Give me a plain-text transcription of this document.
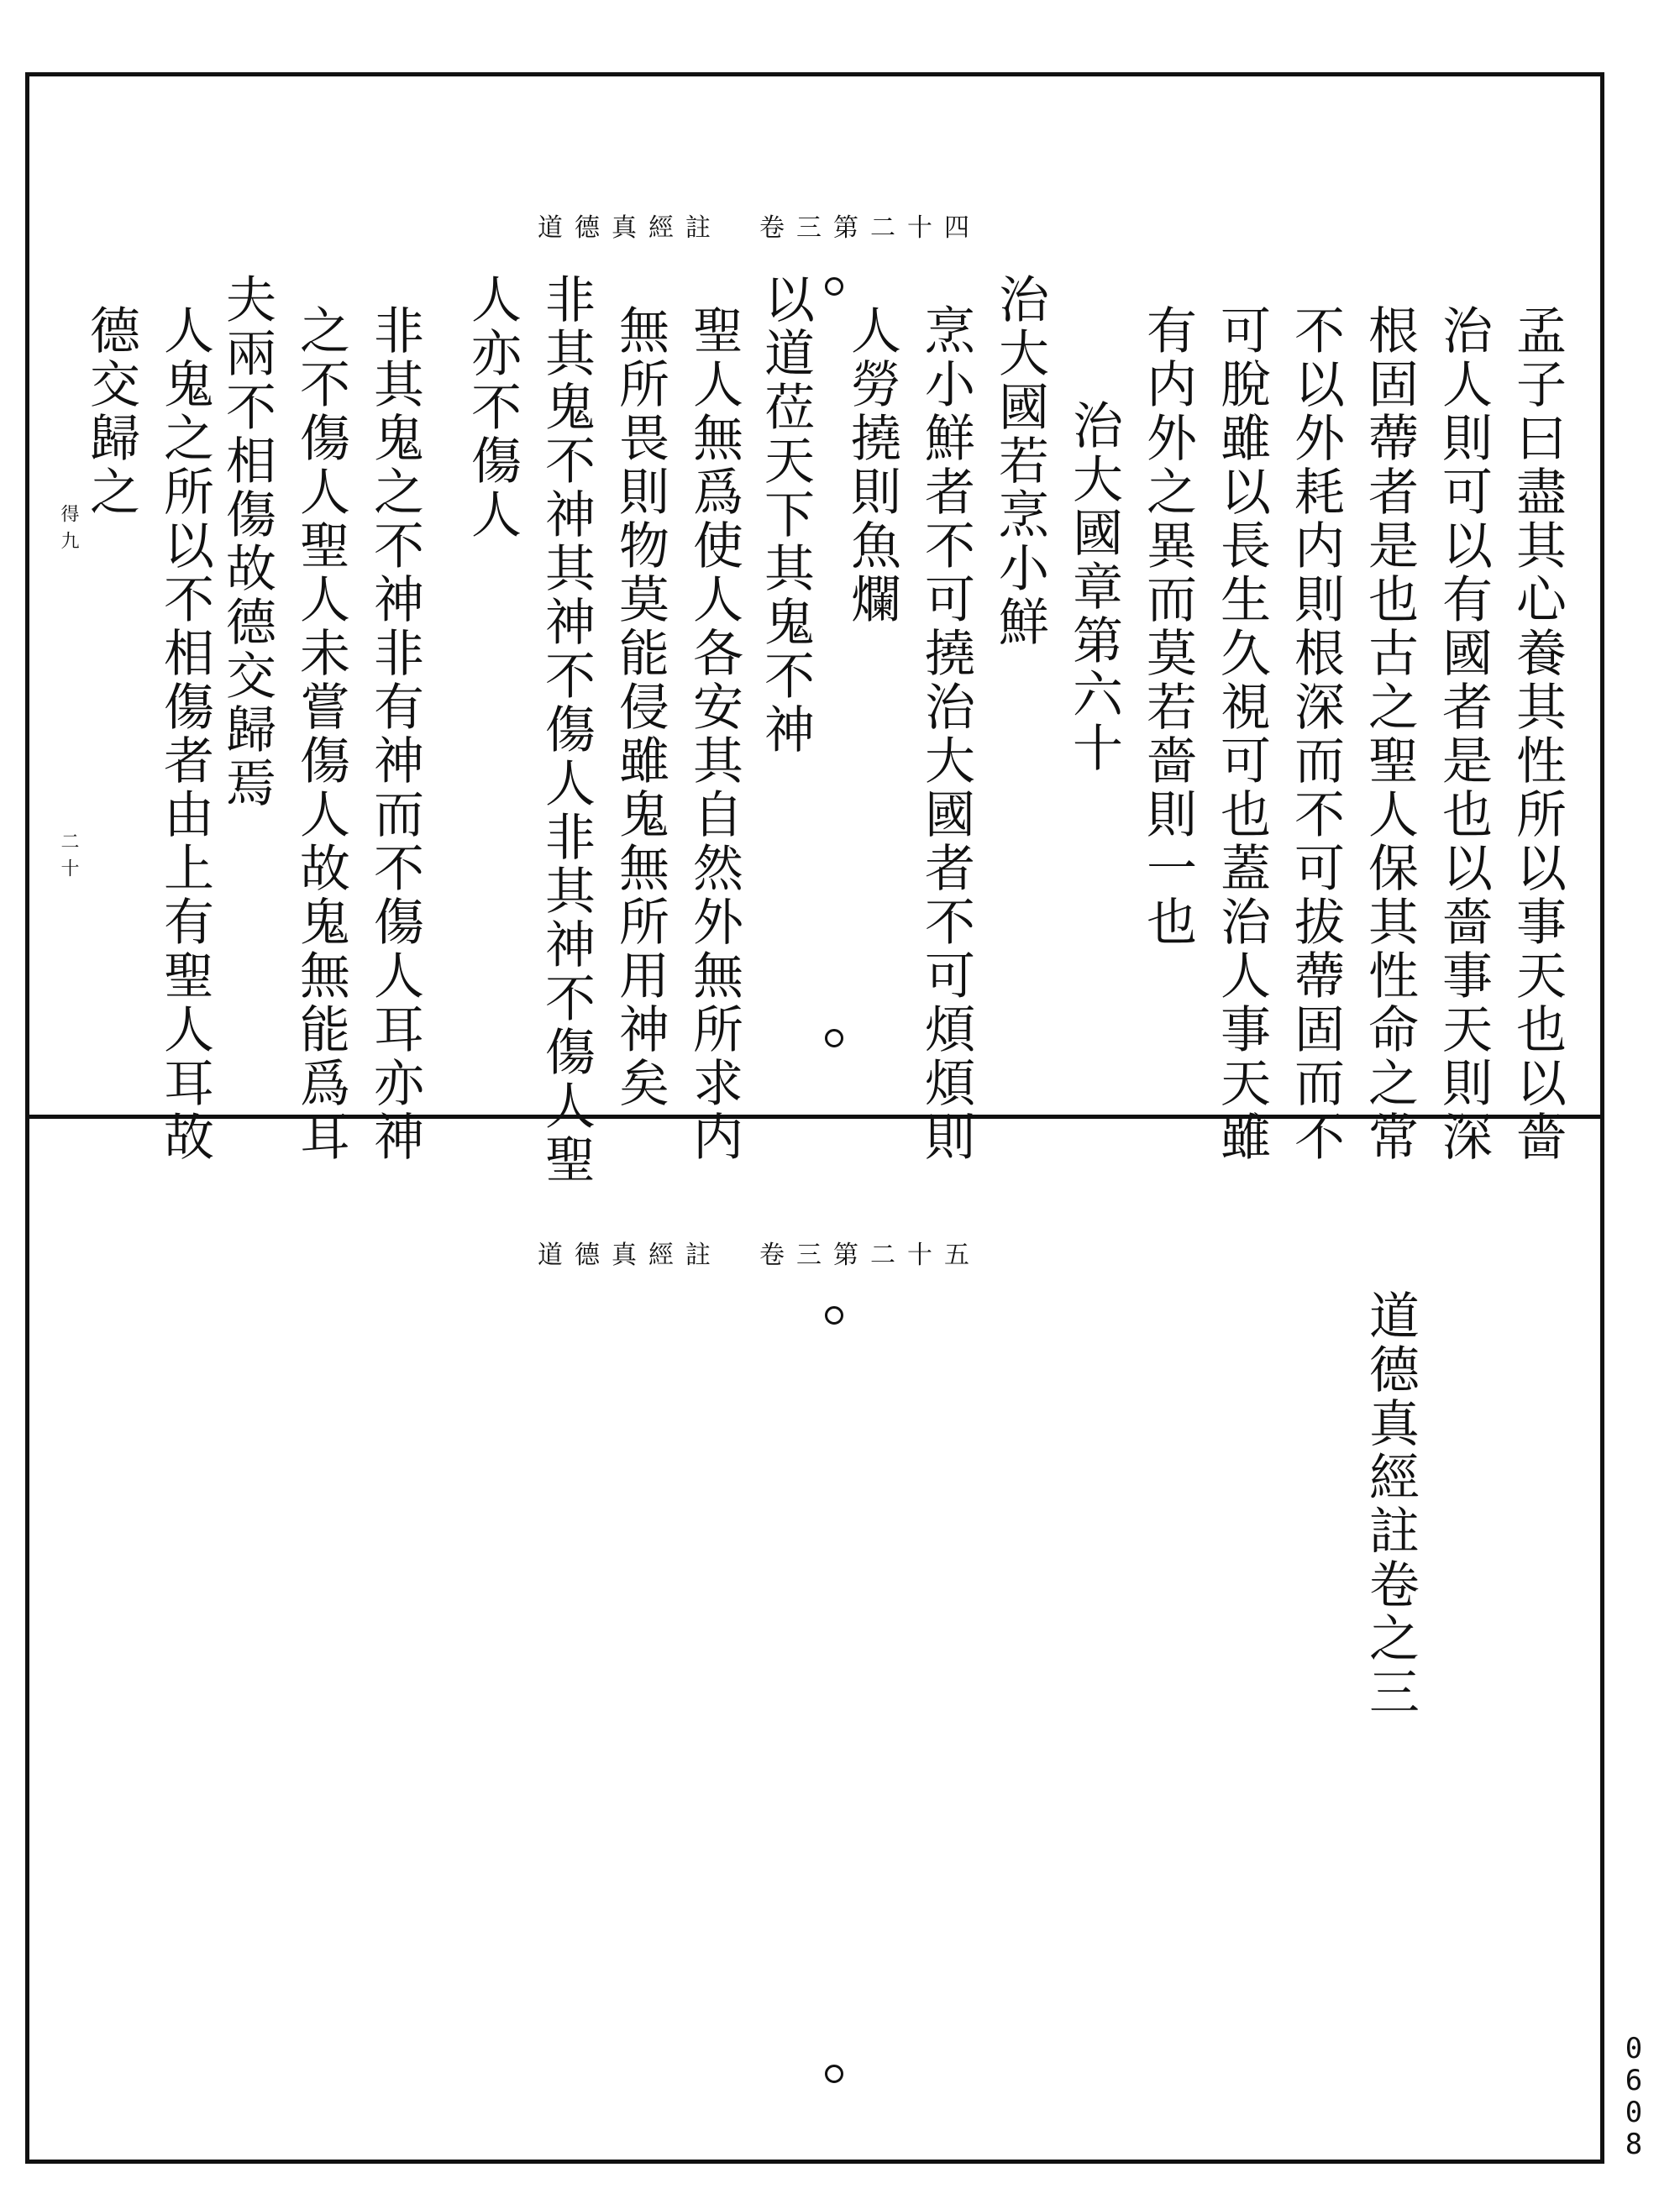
道德真經註　卷三第二十四
孟子曰盡其心養其性所以事天也以嗇
治人則可以有國者是也以嗇事天則深
根固蔕者是也古之聖人保其性命之常
不以外耗内則根深而不可拔蔕固而不
可脫雖以長生久視可也蓋治人事天雖
有内外之異而莫若嗇則一也
治大國章第六十
治大國若烹小鮮
烹小鮮者不可撓治大國者不可煩煩則
人勞撓則魚爛
以道莅天下其鬼不神
聖人無爲使人各安其自然外無所求内
無所畏則物莫能侵雖鬼無所用神矣
非其鬼不神其神不傷人非其神不傷人聖
人亦不傷人
非其鬼之不神非有神而不傷人耳亦神
之不傷人聖人未嘗傷人故鬼無能爲耳
夫兩不相傷故德交歸焉
人鬼之所以不相傷者由上有聖人耳故
德交歸之
得九
二十
道德真經註　卷三第二十五
道德真經註卷之三
0608
